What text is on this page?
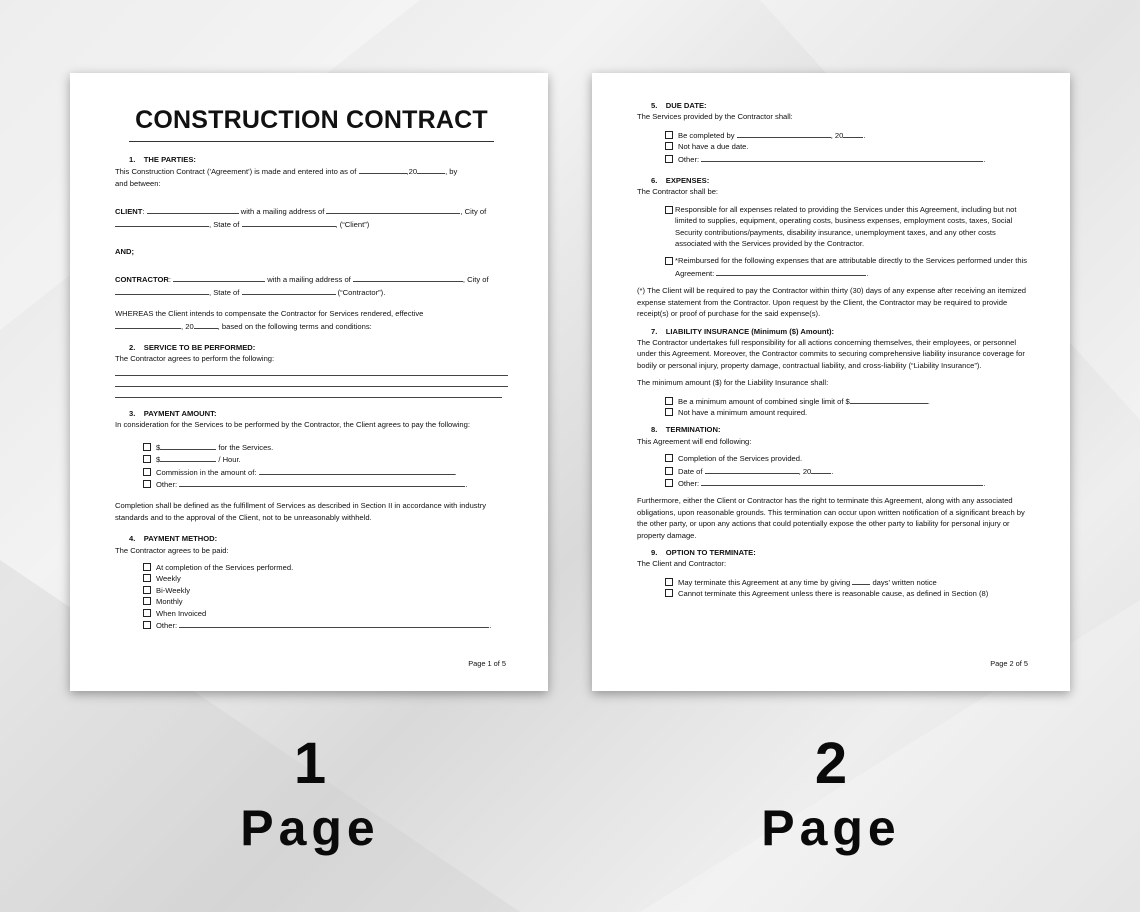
CONSTRUCTION CONTRACT
1.    THE PARTIES:

This Construction Contract ('Agreement') is made and entered into as of	,20	, by
and between:

CLIENT:	with a mailing address of	, City of
, State of	, (“Client”)

AND;

CONTRACTOR:	with a mailing address of	, City of
, State of	(“Contractor”).

WHEREAS the Client intends to compensate the Contractor for Services rendered, effective
, 20	, based on the following terms and conditions:

2.    SERVICE TO BE PERFORMED:

The Contractor agrees to perform the following:

3.    PAYMENT AMOUNT:

In consideration for the Services to be performed by the Contractor, the Client agrees to pay the following:

$	for the Services.
$	/ Hour.
Commission in the amount of:	.
Other:	.

Completion shall be defined as the fulfillment of Services as described in Section II in accordance with industry standards and to the approval of the Client, not to be unreasonably withheld.

4.    PAYMENT METHOD:

The Contractor agrees to be paid:

At completion of the Services performed.
Weekly
Bi-Weekly
Monthly
When Invoiced
Other:	.
Page 1 of 5
5.    DUE DATE:

The Services provided by the Contractor shall:

Be completed by	, 20	.
Not have a due date.
Other:	.
6.    EXPENSES:

The Contractor shall be:

Responsible for all expenses related to providing the Services under this Agreement, including but not limited to supplies, equipment, operating costs, business expenses, employment costs, taxes, Social Security contributions/payments, disability insurance, unemployment taxes, and any other costs associated with the Services provided by the Contractor.
*Reimbursed for the following expenses that are attributable directly to the Services performed under this Agreement:	.

(*) The Client will be required to pay the Contractor within thirty (30) days of any expense after receiving an itemized expense statement from the Contractor. Upon request by the Client, the Contractor may be required to provide receipt(s) or proof of purchase for the said expense(s).

7.    LIABILITY INSURANCE (Minimum ($) Amount):

The Contractor undertakes full responsibility for all actions concerning themselves, their employees, or personnel under this Agreement. Moreover, the Contractor commits to securing comprehensive liability insurance coverage for bodily or personal injury, property damage, contractual liability, and cross-liability (“Liability Insurance”).

The minimum amount ($) for the Liability Insurance shall:

Be a minimum amount of combined single limit of $	.
Not have a minimum amount required.
8.    TERMINATION:

This Agreement will end following:

Completion of the Services provided.
Date of	, 20	.
Other:	.

Furthermore, either the Client or Contractor has the right to terminate this Agreement, along with any associated obligations, upon reasonable grounds. This termination can occur upon written notification of a significant breach by the other party, or upon any actions that could potentially expose the other party to liability for personal injury or property damage.

9.    OPTION TO TERMINATE:

The Client and Contractor:

May terminate this Agreement at any time by giving  days' written notice
Cannot terminate this Agreement unless there is reasonable cause, as defined in Section (8)
Page 2 of 5
1
Page
2
Page
